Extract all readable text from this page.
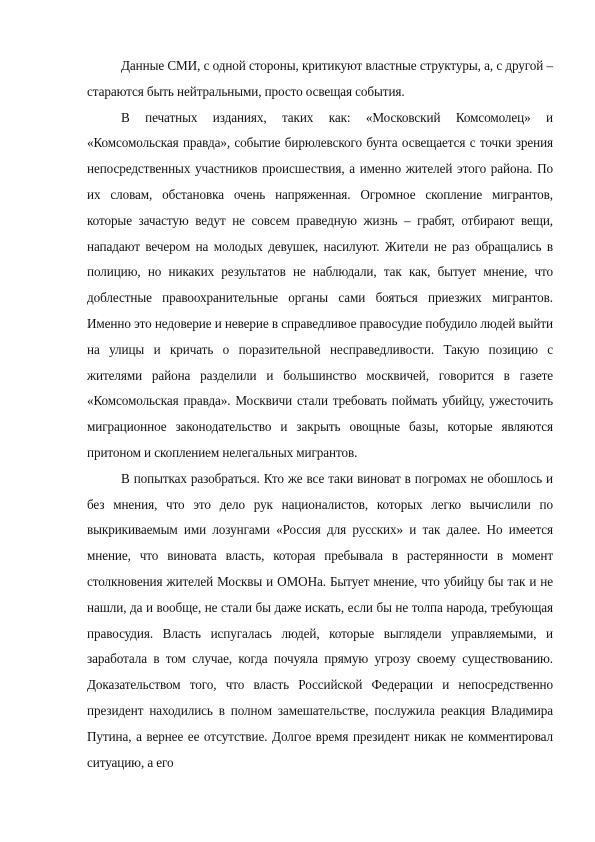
Данные СМИ, с одной стороны, критикуют властные структуры, а, с другой – стараются быть нейтральными, просто освещая события.

В печатных изданиях, таких как: «Московский Комсомолец» и «Комсомольская правда», событие бирюлевского бунта освещается с точки зрения непосредственных участников происшествия, а именно жителей этого района. По их словам, обстановка очень напряженная. Огромное скопление мигрантов, которые зачастую ведут не совсем праведную жизнь – грабят, отбирают вещи, нападают вечером на молодых девушек, насилуют. Жители не раз обращались в полицию, но никаких результатов не наблюдали, так как, бытует мнение, что доблестные правоохранительные органы сами бояться приезжих мигрантов. Именно это недоверие и неверие в справедливое правосудие побудило людей выйти на улицы и кричать о поразительной несправедливости. Такую позицию с жителями района разделили и большинство москвичей, говорится в газете «Комсомольская правда». Москвичи стали требовать поймать убийцу, ужесточить миграционное законодательство и закрыть овощные базы, которые являются притоном и скоплением нелегальных мигрантов.

В попытках разобраться. Кто же все таки виноват в погромах не обошлось и без мнения, что это дело рук националистов, которых легко вычислили по выкрикиваемым ими лозунгами «Россия для русских» и так далее. Но имеется мнение, что виновата власть, которая пребывала в растерянности в момент столкновения жителей Москвы и ОМОНа. Бытует мнение, что убийцу бы так и не нашли, да и вообще, не стали бы даже искать, если бы не толпа народа, требующая правосудия. Власть испугалась людей, которые выглядели управляемыми, и заработала в том случае, когда почуяла прямую угрозу своему существованию. Доказательством того, что власть Российской Федерации и непосредственно президент находились в полном замешательстве, послужила реакция Владимира Путина, а вернее ее отсутствие. Долгое время президент никак не комментировал ситуацию, а его
